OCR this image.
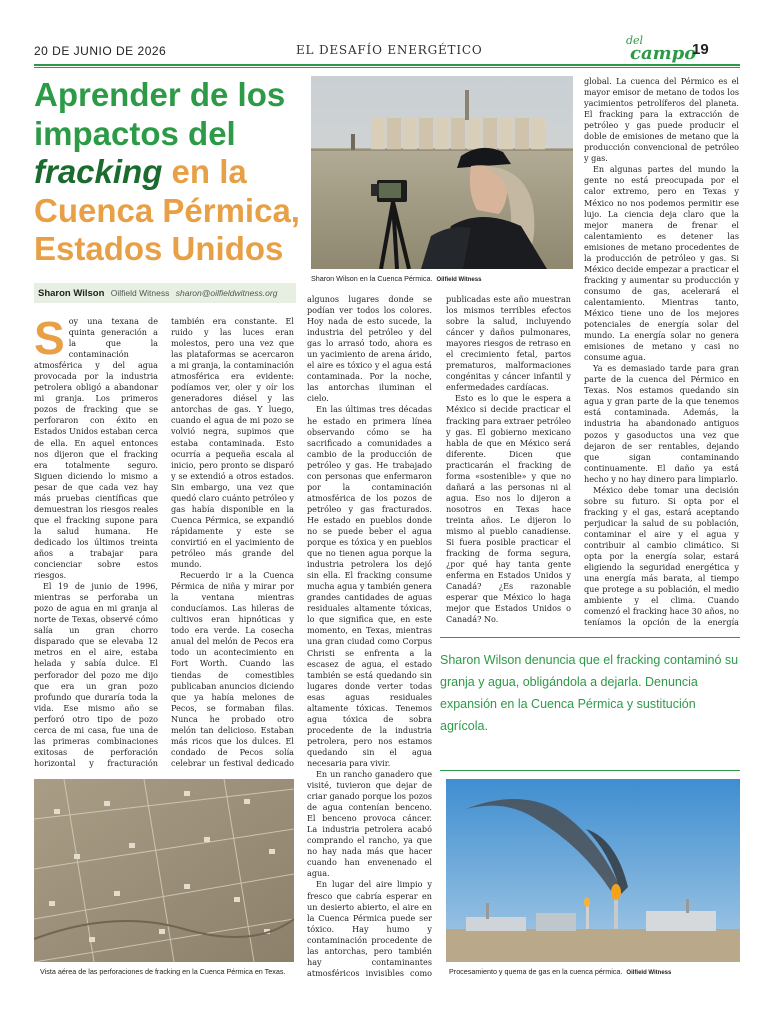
20 DE JUNIO DE 2026	EL DESAFÍO ENERGÉTICO
del
campo
19
Aprender de los impactos del fracking en la Cuenca Pérmica, Estados Unidos
Sharon Wilson Oilfield Witness sharon@oilfieldwitness.org
Sharon Wilson en la Cuenca Pérmica. Oilfield Witness

Soy una texana de quinta generación a la que la contaminación atmosférica y del agua provocada por la industria petrolera obligó a abandonar mi granja. Los primeros pozos de fracking que se perforaron con éxito en Estados Unidos estaban cerca de ella. En aquel entonces nos dijeron que el fracking era totalmente seguro. Siguen diciendo lo mismo a pesar de que cada vez hay más pruebas científicas que demuestran los riesgos reales que el fracking supone para la salud humana. He dedicado los últimos treinta años a trabajar para concienciar sobre estos riesgos.

El 19 de junio de 1996, mientras se perforaba un pozo de agua en mi granja al norte de Texas, observé cómo salía un gran chorro disparado que se elevaba 12 metros en el aire, estaba helada y sabía dulce. El perforador del pozo me dijo que era un gran pozo profundo que duraría toda la vida. Ese mismo año se perforó otro tipo de pozo cerca de mi casa, fue una de las primeras combinaciones exitosas de perforación horizontal y fracturación

también era constante. El ruido y las luces eran molestos, pero una vez que las plataformas se acercaron a mi granja, la contaminación atmosférica era evidente: podíamos ver, oler y oír los generadores diésel y las antorchas de gas. Y luego, cuando el agua de mi pozo se volvió negra, supimos que estaba contaminada. Esto ocurría a pequeña escala al inicio, pero pronto se disparó y se extendió a otros estados. Sin embargo, una vez que quedó claro cuánto petróleo y gas había disponible en la Cuenca Pérmica, se expandió rápidamente y este se convirtió en el yacimiento de petróleo más grande del mundo.

Recuerdo ir a la Cuenca Pérmica de niña y mirar por la ventana mientras conducíamos. Las hileras de cultivos eran hipnóticas y todo era verde. La cosecha anual del melón de Pecos era todo un acontecimiento en Fort Worth. Cuando las tiendas de comestibles publicaban anuncios diciendo que ya había melones de Pecos, se formaban filas. Nunca he probado otro melón tan delicioso. Estaban más ricos que los dulces. El condado de Pecos solía celebrar un festival dedicado

algunos lugares donde se podían ver todos los colores. Hoy nada de esto sucede, la industria del petróleo y del gas lo arrasó todo, ahora es un yacimiento de arena árido, el aire es tóxico y el agua está contaminada. Por la noche, las antorchas iluminan el cielo.

En las últimas tres décadas he estado en primera línea observando cómo se ha sacrificado a comunidades a cambio de la producción de petróleo y gas. He trabajado con personas que enfermaron por la contaminación atmosférica de los pozos de petróleo y gas fracturados. He estado en pueblos donde no se puede beber el agua porque es tóxica y en pueblos que no tienen agua porque la industria petrolera los dejó sin ella. El fracking consume mucha agua y también genera grandes cantidades de aguas residuales altamente tóxicas, lo que significa que, en este momento, en Texas, mientras una gran ciudad como Corpus Christi se enfrenta a la escasez de agua, el estado también se está quedando sin lugares donde verter todas esas aguas residuales altamente tóxicas. Tenemos agua tóxica de sobra procedente de la industria petrolera, pero nos estamos quedando sin el agua necesaria para vivir.

En un rancho ganadero que visité, tuvieron que dejar de criar ganado porque los pozos de agua contenían benceno. El benceno provoca cáncer. La industria petrolera acabó comprando el rancho, ya que no hay nada más que hacer cuando han envenenado el agua.

En lugar del aire limpio y fresco que cabría esperar en un desierto abierto, el aire en la Cuenca Pérmica puede ser tóxico. Hay humo y contaminación procedente de las antorchas, pero también hay contaminantes atmosféricos invisibles como

publicadas este año muestran los mismos terribles efectos sobre la salud, incluyendo cáncer y daños pulmonares, mayores riesgos de retraso en el crecimiento fetal, partos prematuros, malformaciones congénitas y cáncer infantil y enfermedades cardíacas.

Esto es lo que le espera a México si decide practicar el fracking para extraer petróleo y gas. El gobierno mexicano habla de que en México será diferente. Dicen que practicarán el fracking de forma «sostenible» y que no dañará a las personas ni al agua. Eso nos lo dijeron a nosotros en Texas hace treinta años. Le dijeron lo mismo al pueblo canadiense. Si fuera posible practicar el fracking de forma segura, ¿por qué hay tanta gente enferma en Estados Unidos y Canadá? ¿Es razonable esperar que México lo haga mejor que Estados Unidos o Canadá? No.

global. La cuenca del Pérmico es el mayor emisor de metano de todos los yacimientos petrolíferos del planeta. El fracking para la extracción de petróleo y gas puede producir el doble de emisiones de metano que la producción convencional de petróleo y gas.

En algunas partes del mundo la gente no está preocupada por el calor extremo, pero en Texas y México no nos podemos permitir ese lujo. La ciencia deja claro que la mejor manera de frenar el calentamiento es detener las emisiones de metano procedentes de la producción de petróleo y gas. Si México decide empezar a practicar el fracking y aumentar su producción y consumo de gas, acelerará el calentamiento. Mientras tanto, México tiene uno de los mejores potenciales de energía solar del mundo. La energía solar no genera emisiones de metano y casi no consume agua.

Ya es demasiado tarde para gran parte de la cuenca del Pérmico en Texas. Nos estamos quedando sin agua y gran parte de la que tenemos está contaminada. Además, la industria ha abandonado antiguos pozos y gasoductos una vez que dejaron de ser rentables, dejando que sigan contaminando continuamente. El daño ya está hecho y no hay dinero para limpiarlo.

México debe tomar una decisión sobre su futuro. Si opta por el fracking y el gas, estará aceptando perjudicar la salud de su población, contaminar el aire y el agua y contribuir al cambio climático. Si opta por la energía solar, estará eligiendo la seguridad energética y una energía más barata, al tiempo que protege a su población, el medio ambiente y el clima. Cuando comenzó el fracking hace 30 años, no teníamos la opción de la energía

Sharon Wilson denuncia que el fracking contaminó su granja y agua, obligándola a dejarla. Denuncia expansión en la Cuenca Pérmica y sustitución agrícola.
Vista aérea de las perforaciones de fracking en la Cuenca Pérmica en Texas.	Procesamiento y quema de gas en la cuenca pérmica. Oilfield Witness
